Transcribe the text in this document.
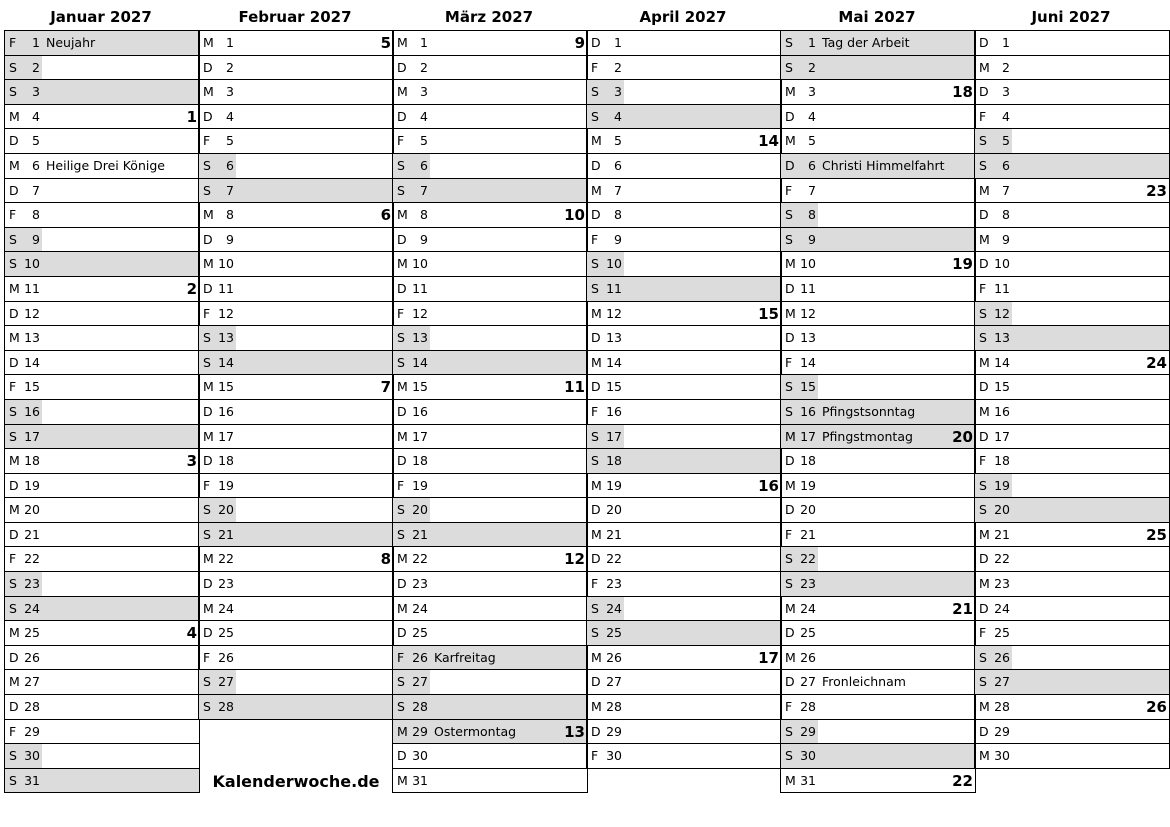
Januar 2027
F	1 Neujahr
S	2
S	3
M 4	1
D	5
M 6 Heilige Drei Könige
D	7
F	8
S	9
S 10
M 11	2
D 12
M 13
D 14
F 15
S 16
S 17
M 18	3
D 19
M 20
D 21
F 22
S 23
S 24
M 25	4
D 26
M 27
D 28
F 29
S 30
S 31
Februar 2027
M 1	5
D	2
M 3
D	4
F	5
S	6
S	7
M 8	6
D	9
M 10
D 11
F 12
S 13
S 14
M 15	7
D 16
M 17
D 18
F 19
S 20
S 21
M 22	8
D 23
M 24
D 25
F 26
S 27
S 28
März 2027
M 1	9
D	2
M 3
D	4
F	5
S	6
S	7
M 8	10
D	9
M 10
D 11
F 12
S 13
S 14
M 15	11
D 16
M 17
D 18
F 19
S 20
S 21
M 22	12
D 23
M 24
D 25
F 26 Karfreitag
S 27
S 28
M 29 Ostermontag	13
D 30
M 31
April 2027
D	1
F	2
S	3
S	4
M 5	14
D	6
M 7
D	8
F	9
S 10
S 11
M 12	15
D 13
M 14
D 15
F 16
S 17
S 18
M 19	16
D 20
M 21
D 22
F 23
S 24
S 25
M 26	17
D 27
M 28
D 29
F 30
Mai 2027
S	1 Tag der Arbeit
S	2
M 3	18
D	4
M 5
D	6 Christi Himmelfahrt
F	7
S	8
S	9
M 10	19
D 11
M 12
D 13
F 14
S 15
S 16 Pfingstsonntag
M 17 Pfingstmontag	20
D 18
M 19
D 20
F 21
S 22
S 23
M 24	21
D 25
M 26
D 27 Fronleichnam
F 28
S 29
S 30
M 31	22
Juni 2027
D	1
M 2
D	3
F	4
S	5
S	6
M 7	23
D	8
M 9
D 10
F 11
S 12
S 13
M 14	24
D 15
M 16
D 17
F 18
S 19
S 20
M 21	25
D 22
M 23
D 24
F 25
S 26
S 27
M 28	26
D 29
M 30
Kalenderwoche.de
